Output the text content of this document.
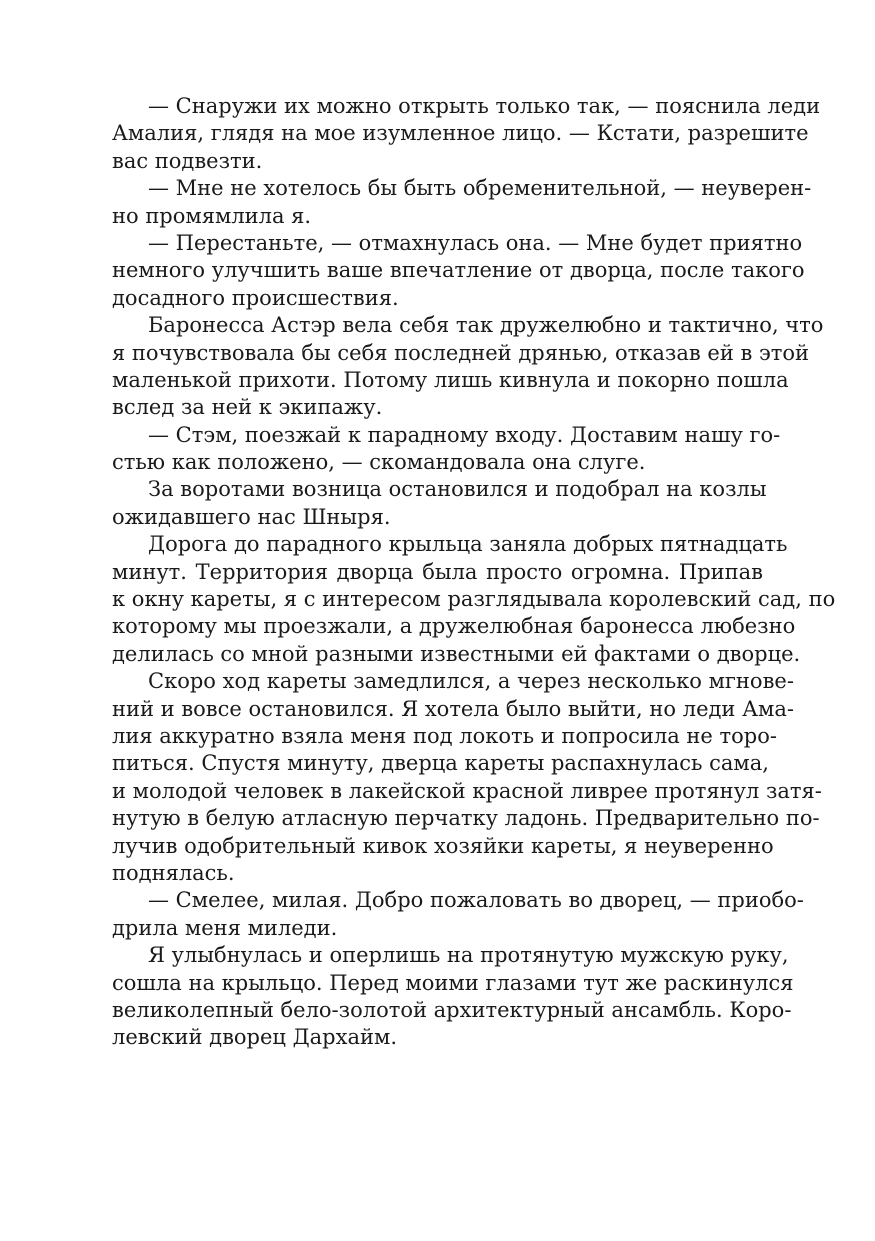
— Снаружи их можно открыть только так, — пояснила леди
Амалия, глядя на мое изумленное лицо. — Кстати, разрешите
вас подвезти.
— Мне не хотелось бы быть обременительной, — неуверен-
но промямлила я.
— Перестаньте, — отмахнулась она. — Мне будет приятно
немного улучшить ваше впечатление от дворца, после такого
досадного происшествия.
Баронесса Астэр вела себя так дружелюбно и тактично, что
я почувствовала бы себя последней дрянью, отказав ей в этой
маленькой прихоти. Потому лишь кивнула и покорно пошла
вслед за ней к экипажу.
— Стэм, поезжай к парадному входу. Доставим нашу го-
стью как положено, — скомандовала она слуге.
За воротами возница остановился и подобрал на козлы
ожидавшего нас Шныря.
Дорога до парадного крыльца заняла добрых пятнадцать
минут. Территория дворца была просто огромна. Припав
к окну кареты, я с интересом разглядывала королевский сад, по
которому мы проезжали, а дружелюбная баронесса любезно
делилась со мной разными известными ей фактами о дворце.
Скоро ход кареты замедлился, а через несколько мгнове-
ний и вовсе остановился. Я хотела было выйти, но леди Ама-
лия аккуратно взяла меня под локоть и попросила не торо-
питься. Спустя минуту, дверца кареты распахнулась сама,
и молодой человек в лакейской красной ливрее протянул затя-
нутую в белую атласную перчатку ладонь. Предварительно по-
лучив одобрительный кивок хозяйки кареты, я неуверенно
поднялась.
— Смелее, милая. Добро пожаловать во дворец, — приобо-
дрила меня миледи.
Я улыбнулась и оперлишь на протянутую мужскую руку,
сошла на крыльцо. Перед моими глазами тут же раскинулся
великолепный бело-золотой архитектурный ансамбль. Коро-
левский дворец Дархайм.
